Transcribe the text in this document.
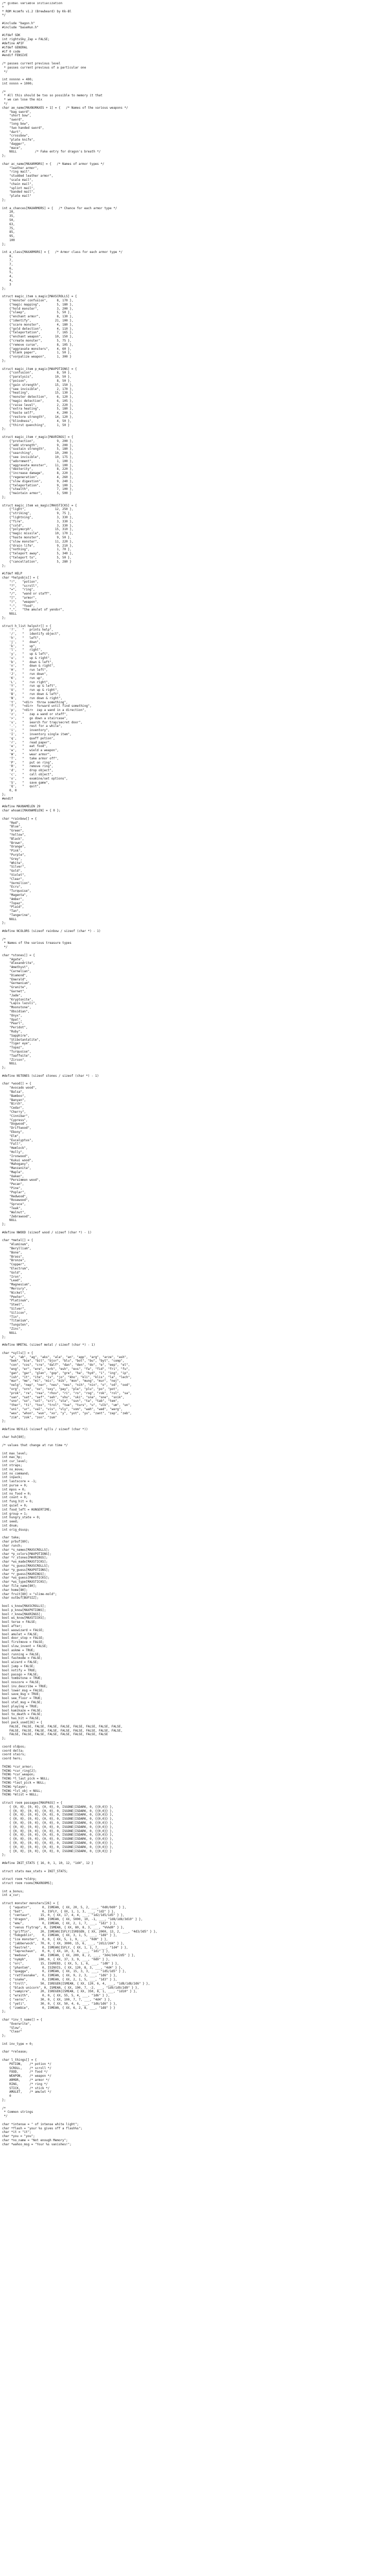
/* global variable initialization
*
* ROM Acomfo v1.2 (Brewbeard) by Kk-Bl
*/

#include "bagon.h"
#include "baseHun.h"

#ifdef SDK
int rightsSky_Zap = FALSE;
#define APIF
#ifdef GENERAL
#if 0 code
#endif FENSIVE

/* passes current previous level
* passes current previous of a particular one
*/

int nnnnnn = 400;
int nnnnn = 1000;

/*
* All this should be too so possible to memory it that
* we can lose the mix
*/
char ae_name[MAXNUMAXES + 1] = {   /* Names of the various weapons */
"bag sword",
"short bow",
"sword",
"long bow",
"two handed sword",
"dart",
"crossbow",
"plate knife",
"dagger",
"mace",
NULL          /* Fake entry for dragon's breath */
};

char ac_name[MAXARMORS] = {   /* Names of armor types */
"leather armor",
"ring mail",
"studded leather armor",
"scale mail",
"chain mail",
"splint mail",
"banded mail",
"plate mail"
};

int a_chances[MAXARMORS] = {   /* Chance for each armor type */
20,
35,
50,
63,
75,
85,
95,
100
};

int a_class[MAXARMORS] = {   /* Armor class for each armor type */
8,
7,
7,
6,
5,
4,
4,
3
};

struct magic_item s_magic[MAXSCROLLS] = {
{"monster confusion",     8, 170 },
{"magic mapping",         5, 180 },
{"hold monster",          3, 200 },
{"sleep",                 5, 50 },
{"enchant armor",         8, 130 },
{"identify",             21, 100 },
{"scare monster",         4, 180 },
{"gold detection",        4, 110 },
{"teleportation",         7, 165 },
{"enchant weapon",       10, 150 },
{"create monster",        5, 75 },
{"remove curse",          8, 105 },
{"aggravate monsters",    4, 60 },
{"blank paper",           1, 50 },
{"vorpalize weapon",      1, 300 }
};

struct magic_item p_magic[MAXPOTIONS] = {
{"confusion",             8, 50 },
{"paralysis",            10, 50 },
{"poison",                8, 50 },
{"gain strength",        15, 150 },
{"see invisible",         2, 170 },
{"healing",              15, 130 },
{"monster detection",     6, 120 },
{"magic detection",       6, 105 },
{"raise level",           2, 220 },
{"extra healing",         5, 180 },
{"haste self",            4, 200 },
{"restore strength",     14, 120 },
{"blindness",             4, 50 },
{"thirst quenching",      1, 50 }
};

struct magic_item r_magic[MAXRINGS] = {
{"protection",            9, 200 },
{"add strength",          9, 200 },
{"sustain strength",      5, 180 },
{"searching",            10, 200 },
{"see invisible",        10, 175 },
{"adornment",             1, 100 },
{"aggravate monster",    11, 100 },
{"dexterity",             8, 220 },
{"increase damage",       8, 220 },
{"regeneration",          4, 260 },
{"slow digestion",        9, 240 },
{"teleportation",         9, 100 },
{"stealth",               7, 100 },
{"maintain armor",        5, 500 }
};

struct magic_item ws_magic[MAXSTICKS] = {
{"light",                12, 250 },
{"striking",              9, 75 },
{"lightning",             3, 330 },
{"fire",                  3, 330 },
{"cold",                  3, 330 },
{"polymorph",            15, 310 },
{"magic missile",        10, 170 },
{"haste monster",         9, 50 },
{"slow monster",         11, 220 },
{"drain life",            9, 210 },
{"nothing",               1, 70 },
{"teleport away",         5, 340 },
{"teleport to",           5, 50 },
{"cancellation",          5, 280 }
};

#ifdef HELP
char *helpobjs[] = {
"!",   "potion",
"?",   "scroll",
"=",   "ring",
"/",   "wand or staff",
"]",   "armor",
")",   "weapon",
":",   "food",
",",   "the amulet of yendor",
NULL
};

struct h_list helpstr[] = {
'?',   "   prints help",
'/',   "   identify object",
'h',   "   left",
'j',   "   down",
'k',   "   up",
'l',   "   right",
'y',   "   up & left",
'u',   "   up & right",
'b',   "   down & left",
'n',   "   down & right",
'H',   "   run left",
'J',   "   run down",
'K',   "   run up",
'L',   "   run right",
'Y',   "   run up & left",
'U',   "   run up & right",
'B',   "   run down & left",
'N',   "   run down & right",
't',   "<dir>  throw something",
'f',   "<dir>  forward until find something",
'p',   "<dir>  zap a wand in a direction",
'z',   "   zap a wand or staff",
'>',   "   go down a staircase",
's',   "   search for trap/secret door",
'.',   "   rest for a while",
'i',   "   inventory",
'I',   "   inventory single item",
'q',   "   quaff potion",
'r',   "   read paper",
'e',   "   eat food",
'w',   "   wield a weapon",
'W',   "   wear armor",
'T',   "   take armor off",
'P',   "   put on ring",
'R',   "   remove ring",
'd',   "   drop object",
'c',   "   call object",
'o',   "   examine/set options",
'S',   "   save game",
'Q',   "   quit",
0, 0
};
#endif

#define MAXNAMELEN 29
char whoami[MAXNAMELEN] = { 0 };

char *rainbow[] = {
"Red",
"Blue",
"Green",
"Yellow",
"Black",
"Brown",
"Orange",
"Pink",
"Purple",
"Grey",
"White",
"Silver",
"Gold",
"Violet",
"Clear",
"Vermilion",
"Ecru",
"Turquoise",
"Magenta",
"Amber",
"Topaz",
"Plaid",
"Tan",
"Tangerine",
NULL
};

#define NCOLORS (sizeof rainbow / sizeof (char *) - 1)

/*
* Names of the various treasure types
*/

char *stones[] = {
"Agate",
"Alexandrite",
"Amethyst",
"Carnelian",
"Diamond",
"Emerald",
"Germanium",
"Granite",
"Garnet",
"Jade",
"Kryptonite",
"Lapis lazuli",
"Moonstone",
"Obsidian",
"Onyx",
"Opal",
"Pearl",
"Peridot",
"Ruby",
"Sapphire",
"Stibotantalite",
"Tiger eye",
"Topaz",
"Turquoise",
"Taaffeite",
"Zircon",
NULL
};

#define NSTONES (sizeof stones / sizeof (char *) - 1)

char *wood[] = {
"Avocado wood",
"Balsa",
"Bamboo",
"Banyan",
"Birch",
"Cedar",
"Cherry",
"Cinnibar",
"Cypress",
"Dogwood",
"Driftwood",
"Ebony",
"Elm",
"Eucalyptus",
"Fall",
"Hemlock",
"Holly",
"Ironwood",
"Kukui wood",
"Mahogany",
"Manzanita",
"Maple",
"Oaken",
"Persimmon wood",
"Pecan",
"Pine",
"Poplar",
"Redwood",
"Rosewood",
"Spruce",
"Teak",
"Walnut",
"Zebrawood",
NULL
};

#define NWOOD (sizeof wood / sizeof (char *) - 1)

char *metal[] = {
"Aluminum",
"Beryllium",
"Bone",
"Brass",
"Bronze",
"Copper",
"Electrum",
"Gold",
"Iron",
"Lead",
"Magnesium",
"Mercury",
"Nickel",
"Pewter",
"Platinum",
"Steel",
"Silver",
"Silicon",
"Tin",
"Titanium",
"Tungsten",
"Zinc",
NULL
};

#define NMETAL (sizeof metal / sizeof (char *) - 1)

char *sylls[] = {
"a", "ab", "ag", "aks", "ala", "an", "app", "arg", "arze", "ash",
"bek", "bie", "bit", "bjor", "blu", "bot", "bu", "byt", "comp",
"con", "cos", "cre", "dalf", "dan", "den", "do", "e", "eep", "el",
"eng", "er", "ere", "erk", "esh", "evs", "fa", "fid", "fri", "fu",
"gan", "gar", "glen", "gop", "gre", "ha", "hyd", "i", "ing", "ip",
"ish", "it", "ite", "iv", "jo", "kho", "kli", "klis", "la", "lech",
"mar", "me", "mi", "mic", "mik", "mon", "mung", "mur", "nej",
"nelg", "nep", "ner", "nes", "nes", "nih", "nin", "o", "od", "ood",
"org", "orn", "ox", "oxy", "pay", "ple", "plu", "po", "pot",
"prok", "re", "rea", "rhov", "ri", "ro", "rog", "rok", "rol", "sa",
"san", "sat", "sef", "seh", "shu", "ski", "sna", "sne", "snik",
"sno", "so", "sol", "sri", "sta", "sun", "ta", "tab", "tem",
"ther", "ti", "tox", "trol", "tue", "turs", "u", "ulk", "um", "un",
"uni", "ur", "val", "viv", "vly", "vom", "wah", "wed", "werg",
"wex", "whon", "wun", "xo", "y", "yot", "yu", "zant", "zap", "zeb",
"zim", "zok", "zon", "zum"
};

#define NSYLLS (sizeof sylls / sizeof (char *))

char huh[80];

/* values that change at run time */

int max_level;
int max_hp;
int cur_level;
int ntraps;
int no_move;
int no_command;
int inpack;
int lastscore = -1;
int purse = 0;
int mpos = 0;
int no_food = 0;
int count = 0;
int fung_hit = 0;
int quiet = 0;
int food_left = HUNGERTIME;
int group = 1;
int hungry_state = 0;
int seed;
int dnum;
int orig_dsusp;

char take;
char prbuf[80];
char runch;
char *s_names[MAXSCROLLS];
char *p_colors[MAXPOTIONS];
char *r_stones[MAXRINGS];
char *ws_made[MAXSTICKS];
char *s_guess[MAXSCROLLS];
char *p_guess[MAXPOTIONS];
char *r_guess[MAXRINGS];
char *ws_guess[MAXSTICKS];
char *ws_type[MAXSTICKS];
char file_name[80];
char home[80];
char fruit[80] = "slime-mold";
char outbuf[BUFSIZ];

bool s_know[MAXSCROLLS];
bool p_know[MAXPOTIONS];
bool r_know[MAXRINGS];
bool ws_know[MAXSTICKS];
bool terse = FALSE;
bool after;
bool waswizard = FALSE;
bool amulet = FALSE;
bool door_stop = FALSE;
bool firstmove = FALSE;
bool slow_invent = FALSE;
bool askme = TRUE;
bool running = FALSE;
bool fastmode = FALSE;
bool wizard = FALSE;
bool jump = FALSE;
bool notify = TRUE;
bool passgo = FALSE;
bool tombstone = TRUE;
bool noscore = FALSE;
bool inv_describe = TRUE;
bool lower_msg = FALSE;
bool save_msg = TRUE;
bool see_floor = TRUE;
bool stat_msg = FALSE;
bool playing = TRUE;
bool kamikaze = FALSE;
bool to_death = FALSE;
bool has_hit = FALSE;
bool pack_used[26] = {
FALSE, FALSE, FALSE, FALSE, FALSE, FALSE, FALSE, FALSE, FALSE,
FALSE, FALSE, FALSE, FALSE, FALSE, FALSE, FALSE, FALSE, FALSE,
FALSE, FALSE, FALSE, FALSE, FALSE, FALSE, FALSE, FALSE
};

coord oldpos;
coord delta;
coord stairs;
coord hero;

THING *cur_armor;
THING *cur_ring[2];
THING *cur_weapon;
THING *l_last_pick = NULL;
THING *last_pick = NULL;
THING *player;
THING *lvl_obj = NULL;
THING *mlist = NULL;

struct room passages[MAXPASS] = {
{ {0, 0}, {0, 0}, {0, 0}, 0, ISGONE|ISDARK, 0, {{0,0}} },
{ {0, 0}, {0, 0}, {0, 0}, 0, ISGONE|ISDARK, 0, {{0,0}} },
{ {0, 0}, {0, 0}, {0, 0}, 0, ISGONE|ISDARK, 0, {{0,0}} },
{ {0, 0}, {0, 0}, {0, 0}, 0, ISGONE|ISDARK, 0, {{0,0}} },
{ {0, 0}, {0, 0}, {0, 0}, 0, ISGONE|ISDARK, 0, {{0,0}} },
{ {0, 0}, {0, 0}, {0, 0}, 0, ISGONE|ISDARK, 0, {{0,0}} },
{ {0, 0}, {0, 0}, {0, 0}, 0, ISGONE|ISDARK, 0, {{0,0}} },
{ {0, 0}, {0, 0}, {0, 0}, 0, ISGONE|ISDARK, 0, {{0,0}} },
{ {0, 0}, {0, 0}, {0, 0}, 0, ISGONE|ISDARK, 0, {{0,0}} },
{ {0, 0}, {0, 0}, {0, 0}, 0, ISGONE|ISDARK, 0, {{0,0}} },
{ {0, 0}, {0, 0}, {0, 0}, 0, ISGONE|ISDARK, 0, {{0,0}} },
{ {0, 0}, {0, 0}, {0, 0}, 0, ISGONE|ISDARK, 0, {{0,0}} }
};

#define INIT_STATS { 16, 0, 1, 10, 12, "1d4", 12 }

struct stats max_stats = INIT_STATS;

struct room *oldrp;
struct room rooms[MAXROOMS];

int a_bonus;
int a_cur;

struct monster monsters[26] = {
{ "aquator",      0, ISMEAN, { XX, 20, 5, 2, ___, "0d0/0d0" } },
{ "bat",          0, ISFLY, { XX, 1, 1, 3, ___, "1d2" } },
{ "centaur",     15, 0, { XX, 17, 4, 4, ___, "1d2/1d5/1d5" } },
{ "dragon",     100, ISMEAN, { XX, 5000, 10, -1, ___, "1d8/1d8/3d10" } },
{ "emu",          0, ISMEAN, { XX, 2, 1, 7, ___, "1d2" } },
{ "venus flytrap", 0, ISMEAN, { XX, 80, 8, 3, ___, "%%%d0" } },
{ "griffin",     20, ISMEAN|ISFLY|ISREGEN, { XX, 2000, 13, 2, ___, "4d3/3d5" } },
{ "hobgoblin",    0, ISMEAN, { XX, 3, 1, 5, ___, "1d8" } },
{ "ice monster",  0, 0, { XX, 5, 1, 9, ___, "0d0" } },
{ "jabberwock",  70, 0, { XX, 3000, 15, 6, ___, "2d12/2d4" } },
{ "kestrel",      0, ISMEAN|ISFLY, { XX, 1, 1, 7, ___, "1d4" } },
{ "leprechaun",   0, 0, { XX, 10, 3, 8, ___, "1d1" } },
{ "medusa",      40, ISMEAN, { XX, 200, 8, 2, ___, "3d4/3d4/2d5" } },
{ "nymph",      100, 0, { XX, 37, 3, 9, ___, "0d0" } },
{ "orc",         15, ISGREED, { XX, 5, 1, 6, ___, "1d8" } },
{ "phantom",      0, ISINVIS, { XX, 120, 8, 3, ___, "4d4" } },
{ "quagga",       0, ISMEAN, { XX, 15, 3, 3, ___, "1d5/1d5" } },
{ "rattlesnake",  0, ISMEAN, { XX, 9, 2, 3, ___, "1d6" } },
{ "snake",        0, ISMEAN, { XX, 2, 1, 5, ___, "1d3" } },
{ "troll",       50, ISREGEN|ISMEAN, { XX, 120, 6, 4, ___, "1d8/1d8/2d6" } },
{ "black unicorn", 0, ISMEAN, { XX, 190, 7, -2, ___, "1d9/1d9/2d9" } },
{ "vampire",     20, ISREGEN|ISMEAN, { XX, 350, 8, 1, ___, "1d10" } },
{ "wraith",       0, 0, { XX, 55, 5, 4, ___, "1d6" } },
{ "xeroc",       30, 0, { XX, 100, 7, 7, ___, "4d4" } },
{ "yeti",        30, 0, { XX, 50, 4, 6, ___, "1d6/1d6" } },
{ "zombie",       0, ISMEAN, { XX, 6, 2, 8, ___, "1d8" } }
};

char *inv_t_name[] = {
"Overwrite",
"Slow",
"Clear"
};

int inv_type = 0;

char *release;

char l_things[] = {
POTION,    /* potion */
SCROLL,    /* scroll */
FOOD,      /* food */
WEAPON,    /* weapon */
ARMOR,     /* armor */
RING,      /* ring */
STICK,     /* stick */
AMULET,    /* amulet */
0
};

/*
* Common strings
*/

char *intense = " of intense white light";
char *flash = "your %s gives off a flash%s";
char *it = "it";
char *you = "you";
char *no_name = "Not enough Memory";
char *wahoo_msg = "Your %s vanishes!";
